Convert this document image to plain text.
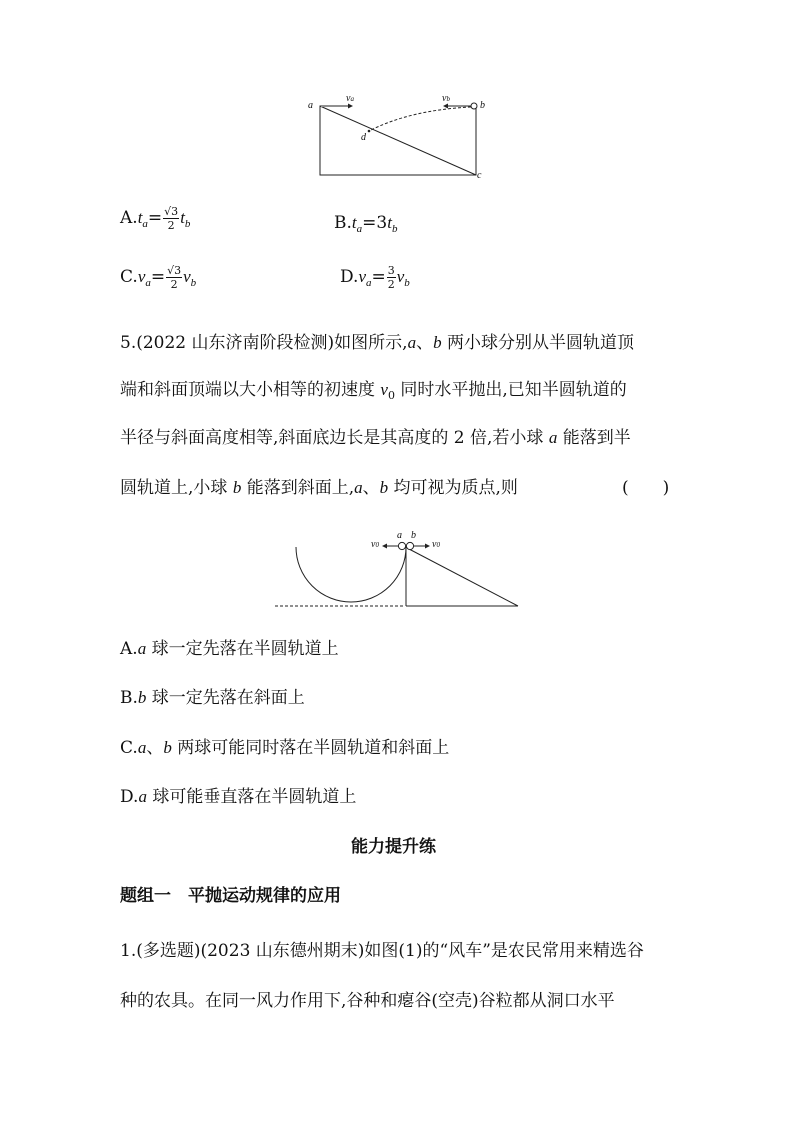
a	b
c
d
va	vb
$A.t_a= \frac{√3}{2} t_b$	$B.t_a=3t_b$
$C.v_a= \frac{√3}{2} v_b$	$D.v_a= \frac{3}{2} v_b$
5.(2022 山东济南阶段检测)如图所示,a、b 两小球分别从半圆轨道顶
端和斜面顶端以大小相等的初速度 $v_0$ 同时水平抛出,已知半圆轨道的
半径与斜面高度相等,斜面底边长是其高度的 2 倍,若小球 a 能落到半
圆轨道上,小球 b 能落到斜面上,a、b 均可视为质点,则	(　　)
a b
v0	v0
A.a 球一定先落在半圆轨道上
B.b 球一定先落在斜面上
C.a、b 两球可能同时落在半圆轨道和斜面上
D.a 球可能垂直落在半圆轨道上
能力提升练
题组一　平抛运动规律的应用
1.(多选题)(2023 山东德州期末)如图(1)的“风车”是农民常用来精选谷
种的农具。在同一风力作用下,谷种和瘪谷(空壳)谷粒都从洞口水平
